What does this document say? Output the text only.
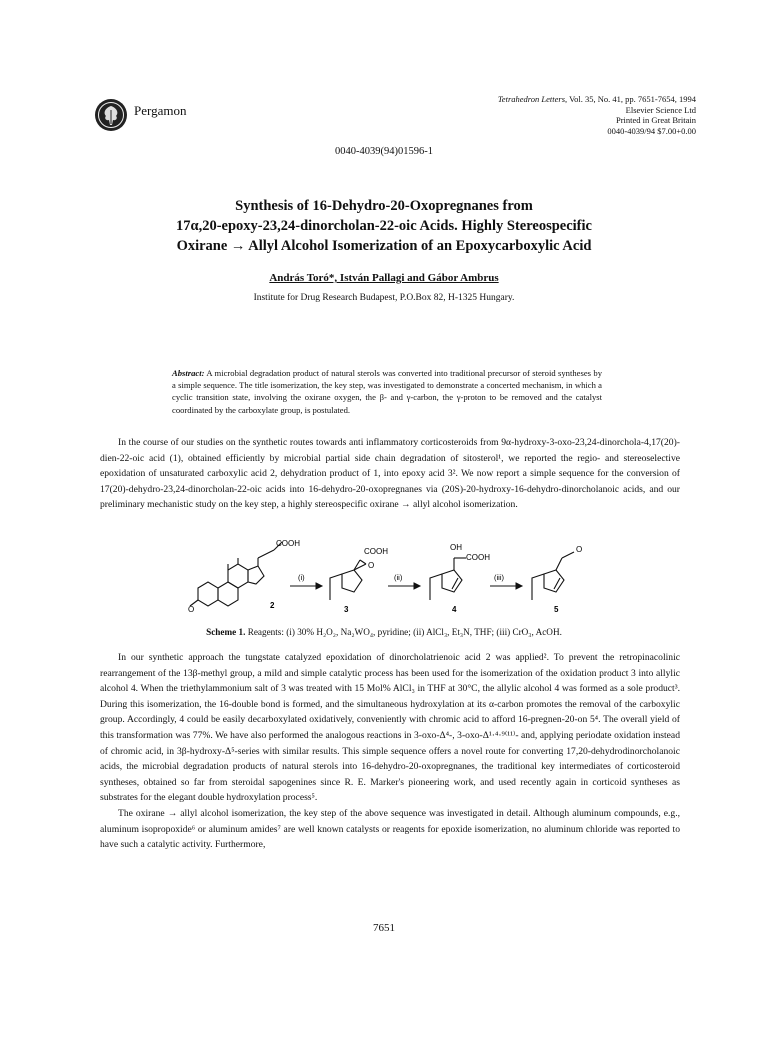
Pergamon
Tetrahedron Letters, Vol. 35, No. 41, pp. 7651-7654, 1994
Elsevier Science Ltd
Printed in Great Britain
0040-4039/94 $7.00+0.00
0040-4039(94)01596-1
Synthesis of 16-Dehydro-20-Oxopregnanes from
17α,20-epoxy-23,24-dinorcholan-22-oic Acids. Highly Stereospecific
Oxirane → Allyl Alcohol Isomerization of an Epoxycarboxylic Acid
András Toró*, István Pallagi and Gábor Ambrus
Institute for Drug Research Budapest, P.O.Box 82, H-1325 Hungary.
Abstract: A microbial degradation product of natural sterols was converted into traditional precursor of steroid syntheses by a simple sequence. The title isomerization, the key step, was investigated to demonstrate a concerted mechanism, in which a cyclic transition state, involving the oxirane oxygen, the β- and γ-carbon, the γ-proton to be removed and the catalyst coordinated by the carboxylate group, is postulated.

In the course of our studies on the synthetic routes towards anti inflammatory corticosteroids from 9α-hydroxy-3-oxo-23,24-dinorchola-4,17(20)-dien-22-oic acid (1), obtained efficiently by microbial partial side chain degradation of sitosterol¹, we reported the regio- and stereoselective epoxidation of unsaturated carboxylic acid 2, dehydration product of 1, into epoxy acid 3². We now report a simple sequence for the conversion of 17(20)-dehydro-23,24-dinorcholan-22-oic acids into 16-dehydro-20-oxopregnanes via (20S)-20-hydroxy-16-dehydro-dinorcholanoic acids, and our preliminary mechanistic study on the key step, a highly stereospecific oxirane → allyl alcohol isomerization.

O
COOH
2
(i)
COOH
O
3
(ii)
OH
COOH
4
(iii)
O
5
Scheme 1. Reagents: (i) 30% H₂O₂, Na₂WO₄, pyridine; (ii) AlCl₃, Et₃N, THF; (iii) CrO₃, AcOH.

In our synthetic approach the tungstate catalyzed epoxidation of dinorcholatrienoic acid 2 was applied². To prevent the retropinacolinic rearrangement of the 13β-methyl group, a mild and simple catalytic process has been used for the isomerization of the oxidation product 3 into allylic alcohol 4. When the triethylammonium salt of 3 was treated with 15 Mol% AlCl₃ in THF at 30°C, the allylic alcohol 4 was formed as a sole product³. During this isomerization, the 16-double bond is formed, and the simultaneous hydroxylation at its α-carbon promotes the removal of the carboxylic group. Accordingly, 4 could be easily decarboxylated oxidatively, conveniently with chromic acid to afford 16-pregnen-20-on 5⁴. The overall yield of this transformation was 77%. We have also performed the analogous reactions in 3-oxo-Δ⁴-, 3-oxo-Δ¹·⁴·⁹⁽¹¹⁾- and, applying periodate oxidation instead of chromic acid, in 3β-hydroxy-Δ⁵-series with similar results. This simple sequence offers a novel route for converting 17,20-dehydrodinorcholanoic acids, the microbial degradation products of natural sterols into 16-dehydro-20-oxopregnanes, the traditional key intermediates of corticosteroid syntheses, obtained so far from steroidal sapogenines since R. E. Marker's pioneering work, and used recently again in corticoid syntheses as substrates for the elegant double hydroxylation process⁵.

The oxirane → allyl alcohol isomerization, the key step of the above sequence was investigated in detail. Although aluminum compounds, e.g., aluminum isopropoxide⁶ or aluminum amides⁷ are well known catalysts or reagents for epoxide isomerization, no aluminum chloride was reported to have such a catalytic activity. Furthermore,

7651
